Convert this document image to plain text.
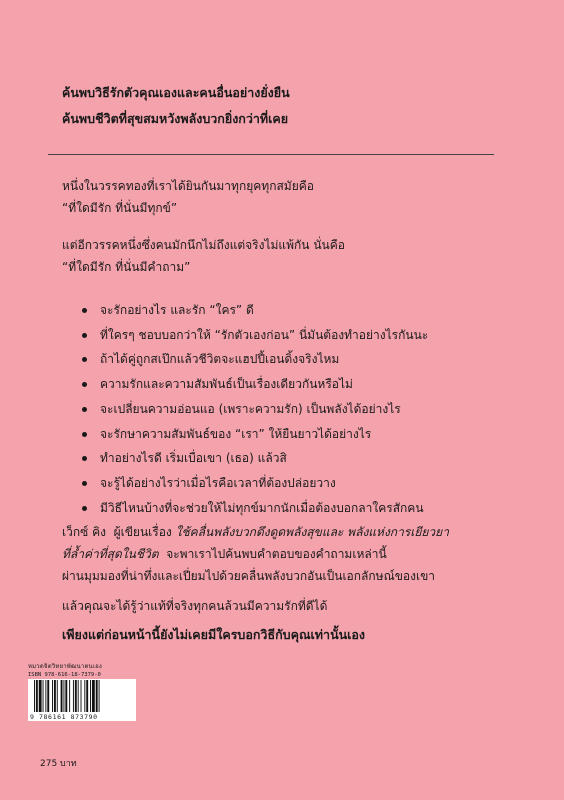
ค้นพบวิธีรักตัวคุณเองและคนอื่นอย่างยั่งยืน
ค้นพบชีวิตที่สุขสมหวังพลังบวกยิ่งกว่าที่เคย
หนึ่งในวรรคทองที่เราได้ยินกันมาทุกยุคทุกสมัยคือ
“ที่ใดมีรัก ที่นั่นมีทุกข์”
แต่อีกวรรคหนึ่งซึ่งคนมักนึกไม่ถึงแต่จริงไม่แพ้กัน นั่นคือ
“ที่ใดมีรัก ที่นั่นมีคำถาม”
จะรักอย่างไร และรัก “ใคร” ดี
ที่ใครๆ ชอบบอกว่าให้ “รักตัวเองก่อน” นี่มันต้องทำอย่างไรกันนะ
ถ้าได้คู่ถูกสเป๊กแล้วชีวิตจะแฮปปี้เอนดิ้งจริงไหม
ความรักและความสัมพันธ์เป็นเรื่องเดียวกันหรือไม่
จะเปลี่ยนความอ่อนแอ (เพราะความรัก) เป็นพลังได้อย่างไร
จะรักษาความสัมพันธ์ของ “เรา” ให้ยืนยาวได้อย่างไร
ทำอย่างไรดี เริ่มเบื่อเขา (เธอ) แล้วสิ
จะรู้ได้อย่างไรว่าเมื่อไรคือเวลาที่ต้องปล่อยวาง
มีวิธีไหนบ้างที่จะช่วยให้ไม่ทุกข์มากนักเมื่อต้องบอกลาใครสักคน
เว็กซ์ คิง ผู้เขียนเรื่อง ใช้คลื่นพลังบวกดึงดูดพลังสุขและ พลังแห่งการเยียวยา
ที่ล้ำค่าที่สุดในชีวิต จะพาเราไปค้นพบคำตอบของคำถามเหล่านี้
ผ่านมุมมองที่น่าทึ่งและเปี่ยมไปด้วยคลื่นพลังบวกอันเป็นเอกลักษณ์ของเขา
แล้วคุณจะได้รู้ว่าแท้ที่จริงทุกคนล้วนมีความรักที่ดีได้
เพียงแต่ก่อนหน้านี้ยังไม่เคยมีใครบอกวิธีกับคุณเท่านั้นเอง
หมวดจิตวิทยาพัฒนาตนเอง
ISBN 978-616-18-7379-0
9 786161 873790
275 บาท
